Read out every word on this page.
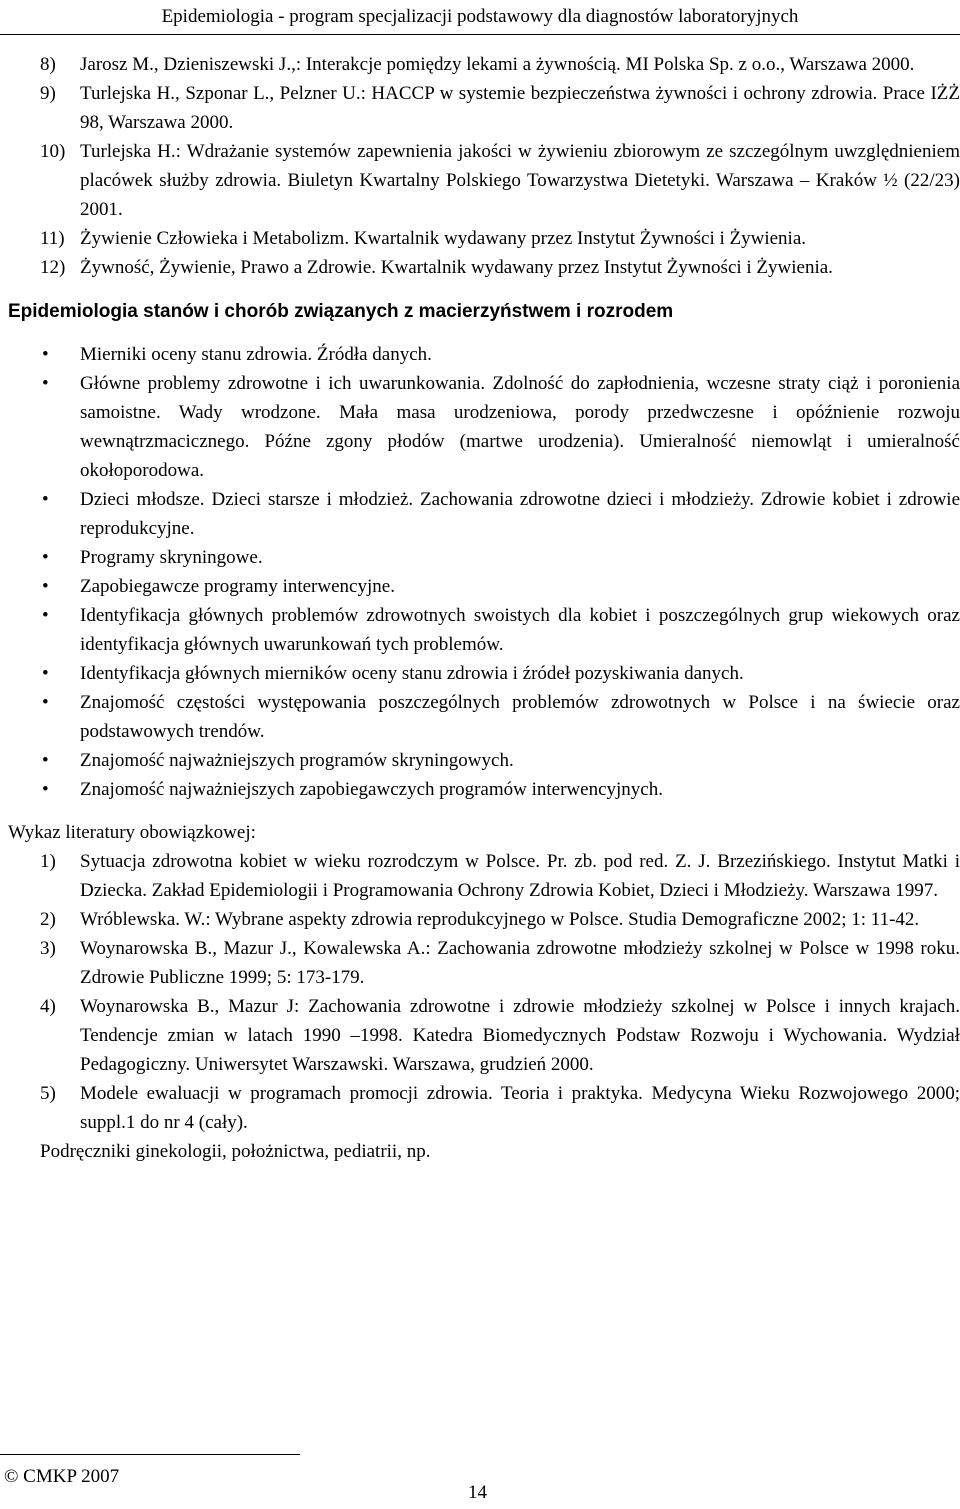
Epidemiologia - program specjalizacji podstawowy dla diagnostów laboratoryjnych
8) Jarosz M., Dzieniszewski J.,: Interakcje pomiędzy lekami a żywnością. MI Polska Sp. z o.o., Warszawa 2000.
9) Turlejska H., Szponar L., Pelzner U.: HACCP w systemie bezpieczeństwa żywności i ochrony zdrowia. Prace IŻŻ 98, Warszawa 2000.
10) Turlejska H.: Wdrażanie systemów zapewnienia jakości w żywieniu zbiorowym ze szczególnym uwzględnieniem placówek służby zdrowia. Biuletyn Kwartalny Polskiego Towarzystwa Dietetyki. Warszawa – Kraków ½ (22/23) 2001.
11) Żywienie Człowieka i Metabolizm. Kwartalnik wydawany przez Instytut Żywności i Żywienia.
12) Żywność, Żywienie, Prawo a Zdrowie. Kwartalnik wydawany przez Instytut Żywności i Żywienia.
Epidemiologia stanów i chorób związanych z macierzyństwem i rozrodem
• Mierniki oceny stanu zdrowia. Źródła danych.
• Główne problemy zdrowotne i ich uwarunkowania. Zdolność do zapłodnienia, wczesne straty ciąż i poronienia samoistne. Wady wrodzone. Mała masa urodzeniowa, porody przedwczesne i opóźnienie rozwoju wewnątrzmacicznego. Późne zgony płodów (martwe urodzenia). Umieralność niemowląt i umieralność okołoporodowa.
• Dzieci młodsze. Dzieci starsze i młodzież. Zachowania zdrowotne dzieci i młodzieży. Zdrowie kobiet i zdrowie reprodukcyjne.
• Programy skryningowe.
• Zapobiegawcze programy interwencyjne.
• Identyfikacja głównych problemów zdrowotnych swoistych dla kobiet i poszczególnych grup wiekowych oraz identyfikacja głównych uwarunkowań tych problemów.
• Identyfikacja głównych mierników oceny stanu zdrowia i źródeł pozyskiwania danych.
• Znajomość częstości występowania poszczególnych problemów zdrowotnych w Polsce i na świecie oraz podstawowych trendów.
• Znajomość najważniejszych programów skryningowych.
• Znajomość najważniejszych zapobiegawczych programów interwencyjnych.
Wykaz literatury obowiązkowej:
1) Sytuacja zdrowotna kobiet w wieku rozrodczym w Polsce. Pr. zb. pod red. Z. J. Brzezińskiego. Instytut Matki i Dziecka. Zakład Epidemiologii i Programowania Ochrony Zdrowia Kobiet, Dzieci i Młodzieży. Warszawa 1997.
2) Wróblewska. W.: Wybrane aspekty zdrowia reprodukcyjnego w Polsce. Studia Demograficzne 2002; 1: 11-42.
3) Woynarowska B., Mazur J., Kowalewska A.: Zachowania zdrowotne młodzieży szkolnej w Polsce w 1998 roku. Zdrowie Publiczne 1999; 5: 173-179.
4) Woynarowska B., Mazur J: Zachowania zdrowotne i zdrowie młodzieży szkolnej w Polsce i innych krajach. Tendencje zmian w latach 1990 –1998. Katedra Biomedycznych Podstaw Rozwoju i Wychowania. Wydział Pedagogiczny. Uniwersytet Warszawski. Warszawa, grudzień 2000.
5) Modele ewaluacji w programach promocji zdrowia. Teoria i praktyka. Medycyna Wieku Rozwojowego 2000; suppl.1 do nr 4 (cały).
Podręczniki ginekologii, położnictwa, pediatrii, np.
© CMKP 2007
14
